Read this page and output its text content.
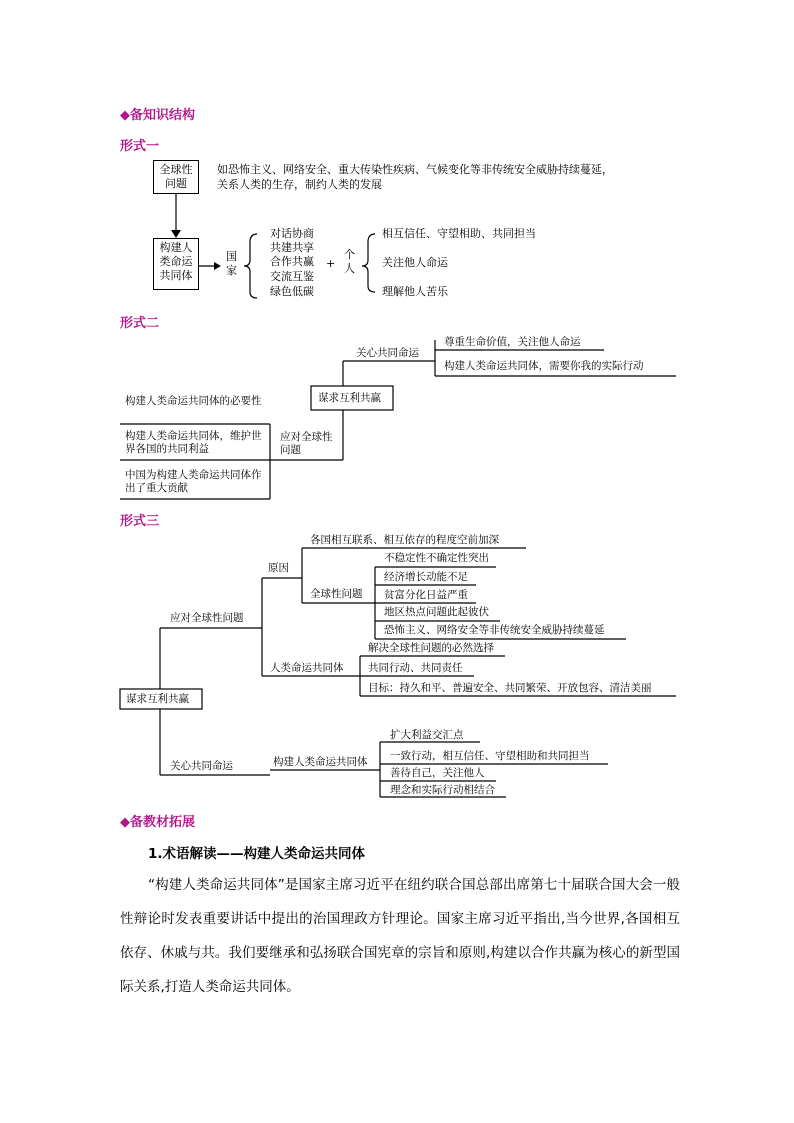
◆备知识结构
形式一
全球性问题
如恐怖主义、网络安全、重大传染性疾病、气候变化等非传统安全威胁持续蔓延，
关系人类的生存，制约人类的发展
构建人类命运共同体
国家
对话协商
共建共享
合作共赢
交流互鉴
绿色低碳
+
个人
相互信任、守望相助、共同担当
关注他人命运
理解他人苦乐
形式二
关心共同命运
尊重生命价值，关注他人命运
构建人类命运共同体，需要你我的实际行动
谋求互利共赢
应对全球性问题
构建人类命运共同体的必要性
构建人类命运共同体，维护世界各国的共同利益
中国为构建人类命运共同体作出了重大贡献
形式三
谋求互利共赢
应对全球性问题
原因
各国相互联系、相互依存的程度空前加深
全球性问题
不稳定性不确定性突出
经济增长动能不足
贫富分化日益严重
地区热点问题此起彼伏
恐怖主义、网络安全等非传统安全威胁持续蔓延
人类命运共同体
解决全球性问题的必然选择
共同行动、共同责任
目标：持久和平、普遍安全、共同繁荣、开放包容、清洁美丽
关心共同命运	构建人类命运共同体
扩大利益交汇点
一致行动，相互信任、守望相助和共同担当
善待自己，关注他人
理念和实际行动相结合
◆备教材拓展
1.术语解读——构建人类命运共同体
“构建人类命运共同体”是国家主席习近平在纽约联合国总部出席第七十届联合国大会一般性辩论时发表重要讲话中提出的治国理政方针理论。国家主席习近平指出,当今世界,各国相互依存、休戚与共。我们要继承和弘扬联合国宪章的宗旨和原则,构建以合作共赢为核心的新型国际关系,打造人类命运共同体。
